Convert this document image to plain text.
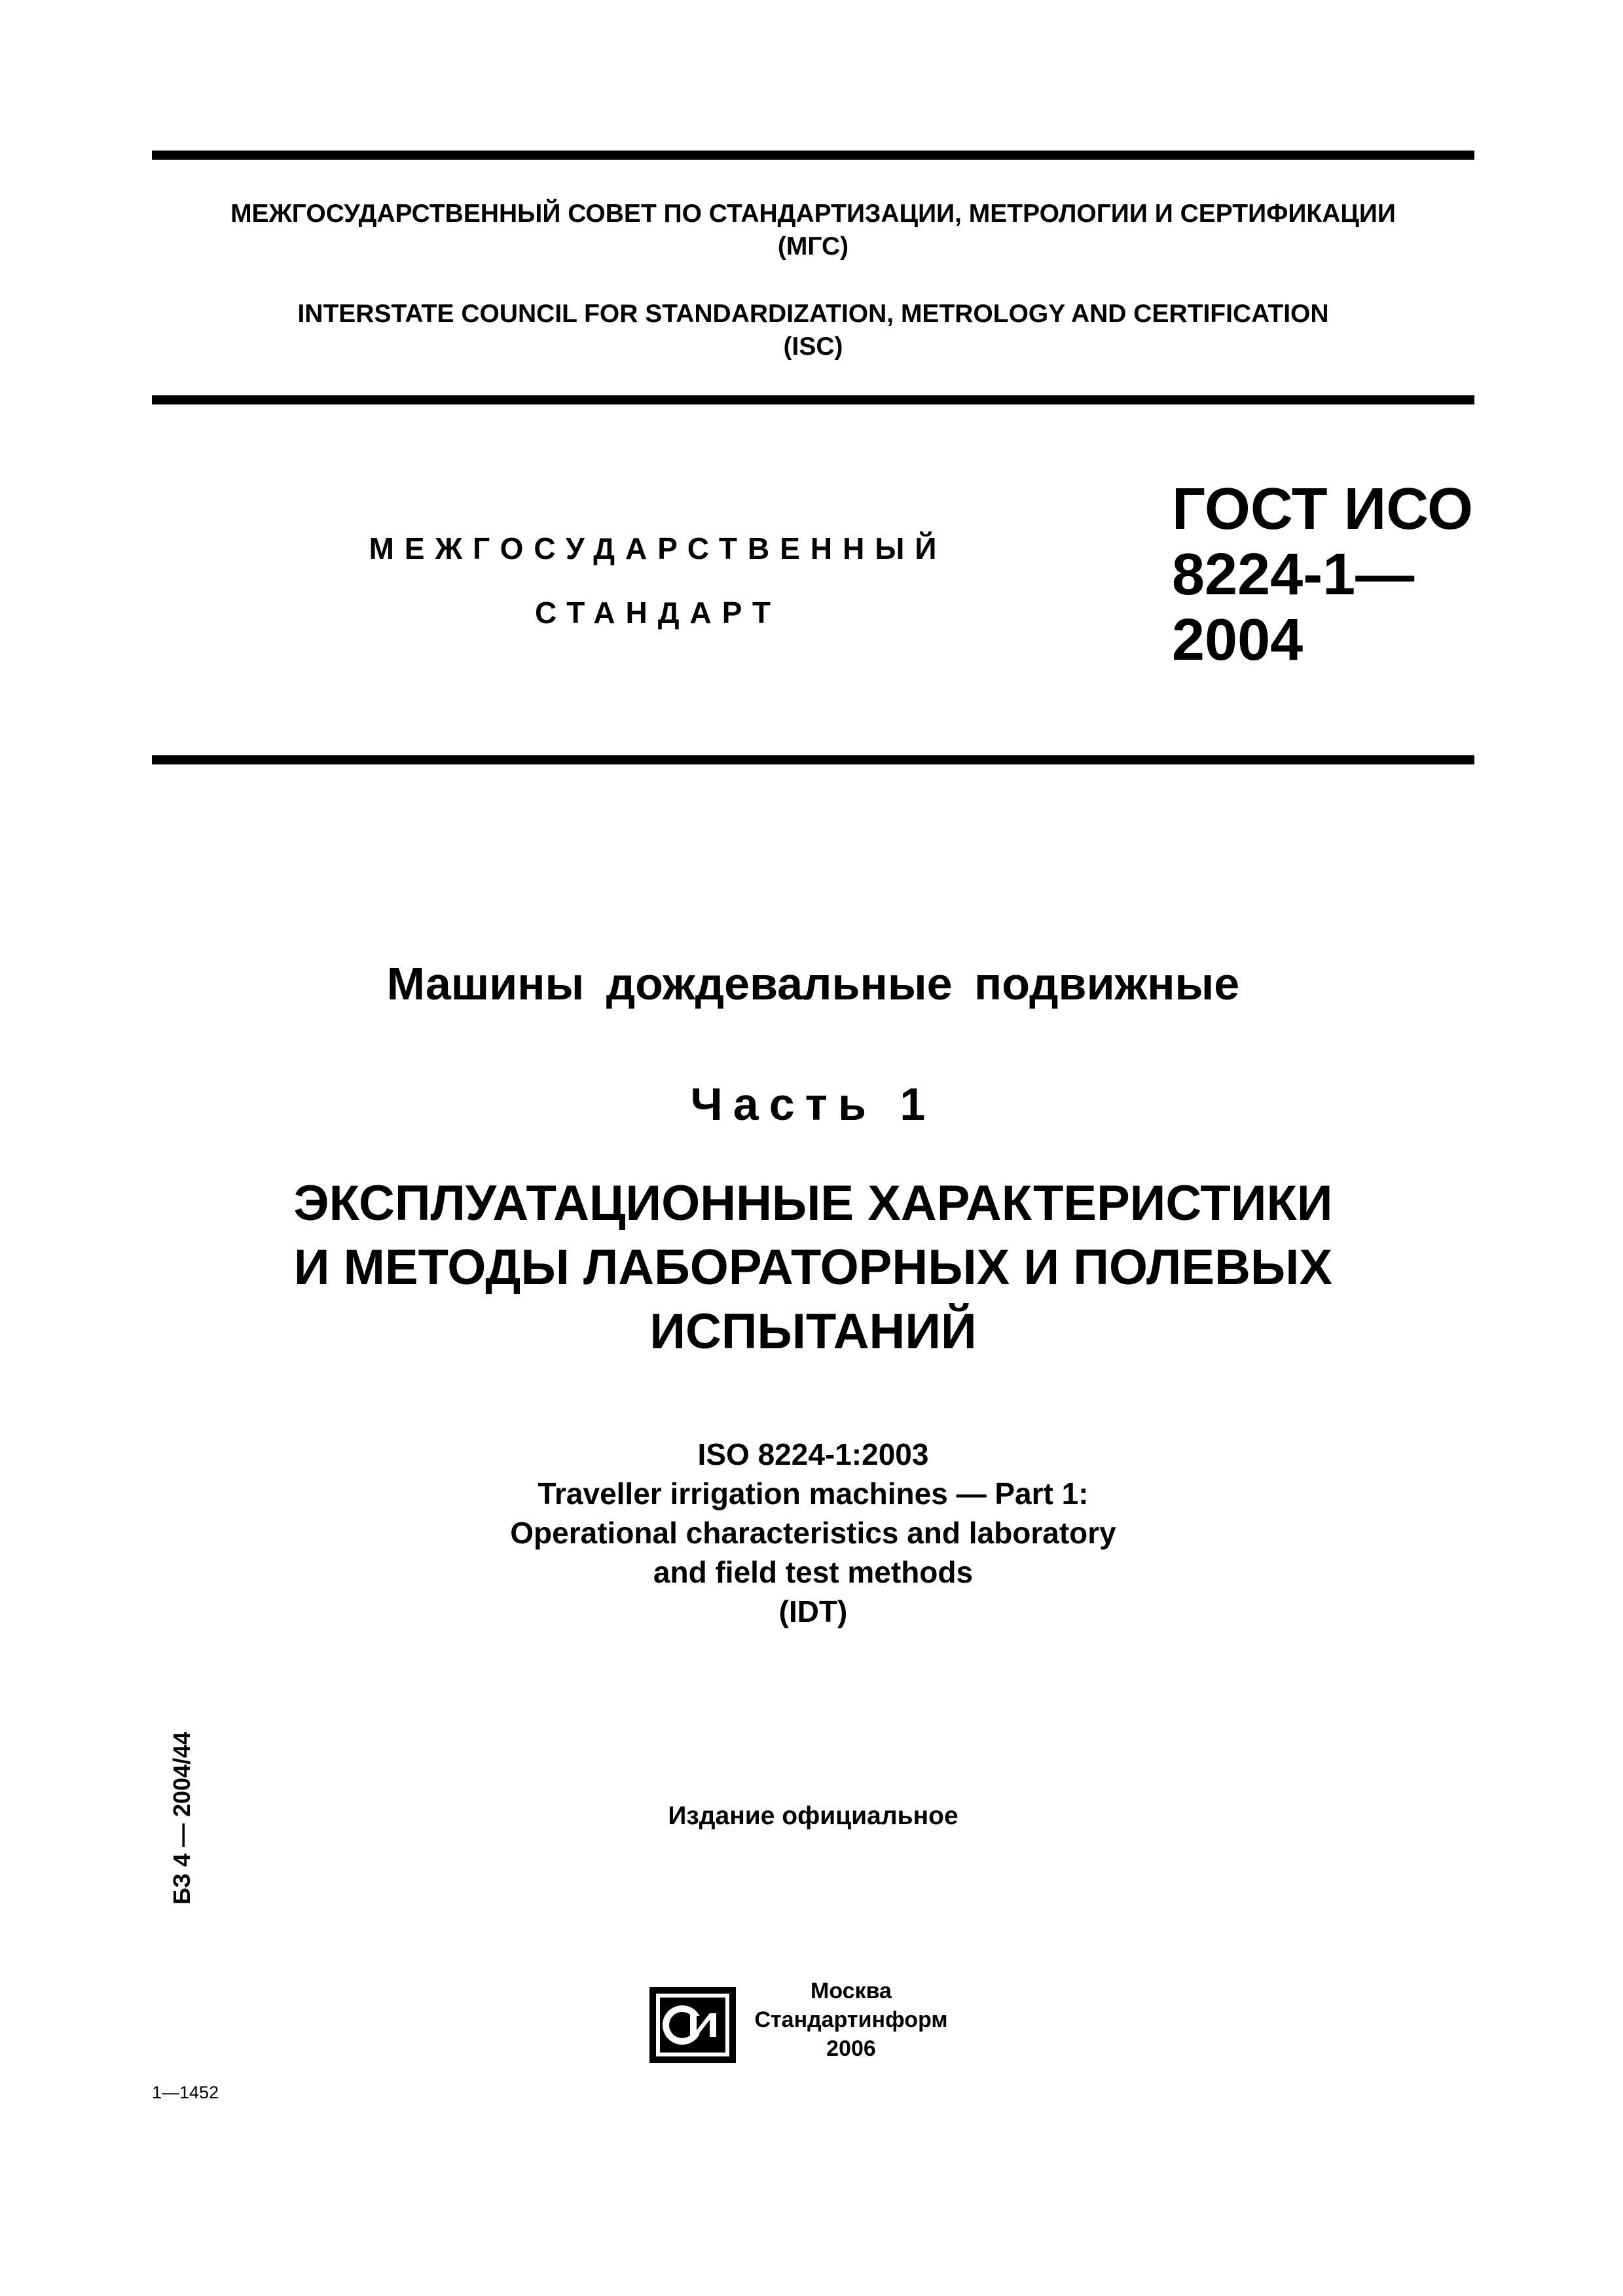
МЕЖГОСУДАРСТВЕННЫЙ СОВЕТ ПО СТАНДАРТИЗАЦИИ, МЕТРОЛОГИИ И СЕРТИФИКАЦИИ
(МГС)
INTERSTATE COUNCIL FOR STANDARDIZATION, METROLOGY AND CERTIFICATION
(ISC)
МЕЖГОСУДАРСТВЕННЫЙ
СТАНДАРТ
ГОСТ ИСО
8224-1—
2004
Машины дождевальные подвижные
Часть 1
ЭКСПЛУАТАЦИОННЫЕ ХАРАКТЕРИСТИКИ
И МЕТОДЫ ЛАБОРАТОРНЫХ И ПОЛЕВЫХ
ИСПЫТАНИЙ
ISO 8224-1:2003
Traveller irrigation machines — Part 1:
Operational characteristics and laboratory
and field test methods
(IDT)
Издание официальное
БЗ 4 — 2004/44
Москва
Стандартинформ
2006
1—1452
